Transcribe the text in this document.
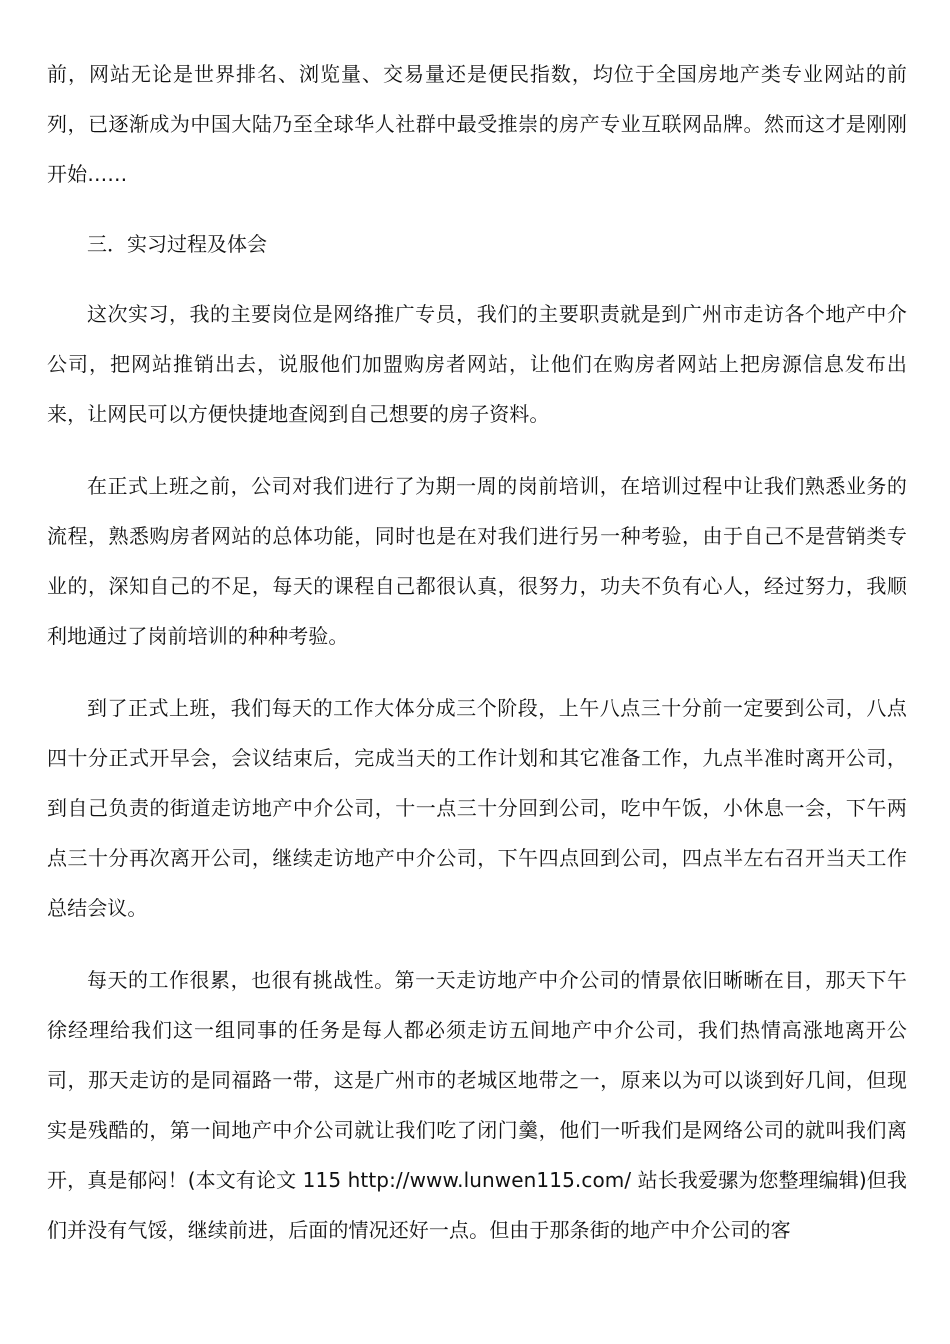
前，网站无论是世界排名、浏览量、交易量还是便民指数，均位于全国房地产类专业网站的前列，已逐渐成为中国大陆乃至全球华人社群中最受推崇的房产专业互联网品牌。然而这才是刚刚开始……

三．实习过程及体会

这次实习，我的主要岗位是网络推广专员，我们的主要职责就是到广州市走访各个地产中介公司，把网站推销出去，说服他们加盟购房者网站，让他们在购房者网站上把房源信息发布出来，让网民可以方便快捷地查阅到自己想要的房子资料。

在正式上班之前，公司对我们进行了为期一周的岗前培训，在培训过程中让我们熟悉业务的流程，熟悉购房者网站的总体功能，同时也是在对我们进行另一种考验，由于自己不是营销类专业的，深知自己的不足，每天的课程自己都很认真，很努力，功夫不负有心人，经过努力，我顺利地通过了岗前培训的种种考验。

到了正式上班，我们每天的工作大体分成三个阶段，上午八点三十分前一定要到公司，八点四十分正式开早会，会议结束后，完成当天的工作计划和其它准备工作，九点半准时离开公司，到自己负责的街道走访地产中介公司，十一点三十分回到公司，吃中午饭，小休息一会，下午两点三十分再次离开公司，继续走访地产中介公司，下午四点回到公司，四点半左右召开当天工作总结会议。

每天的工作很累，也很有挑战性。第一天走访地产中介公司的情景依旧晰晰在目，那天下午徐经理给我们这一组同事的任务是每人都必须走访五间地产中介公司，我们热情高涨地离开公司，那天走访的是同福路一带，这是广州市的老城区地带之一，原来以为可以谈到好几间，但现实是残酷的，第一间地产中介公司就让我们吃了闭门羹，他们一听我们是网络公司的就叫我们离开，真是郁闷！(本文有论文 115 http://www.lunwen115.com/ 站长我爱骡为您整理编辑)但我们并没有气馁，继续前进，后面的情况还好一点。但由于那条街的地产中介公司的客
